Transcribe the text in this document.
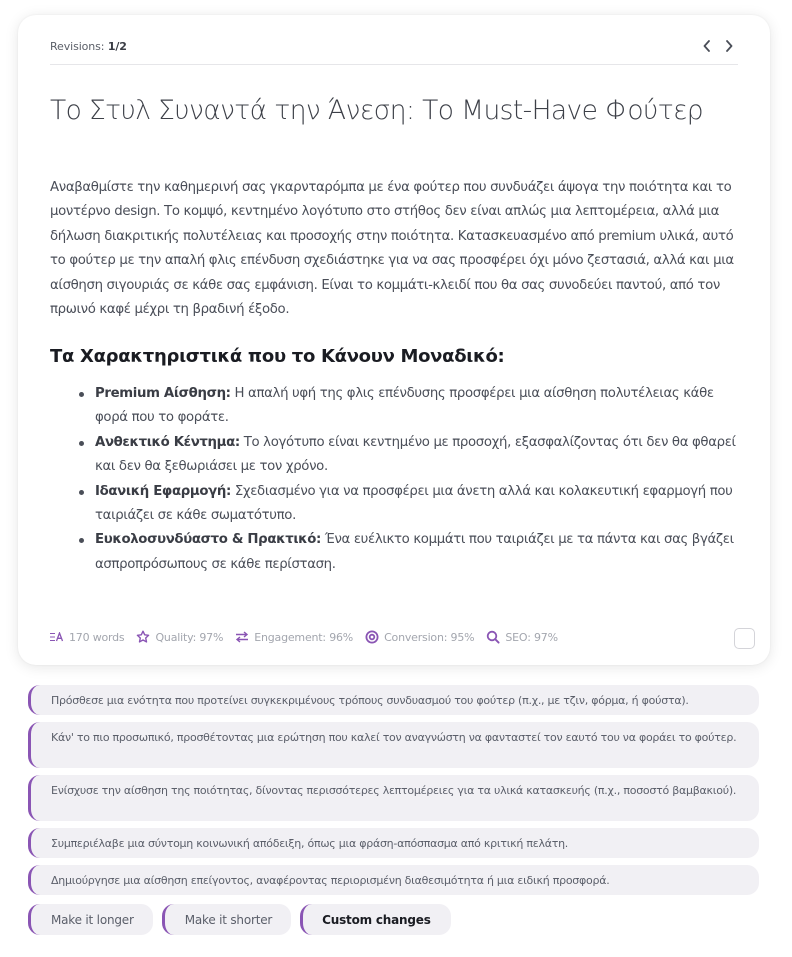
Revisions: 1/2
Το Στυλ Συναντά την Άνεση: Το Must-Have Φούτερ

Αναβαθμίστε την καθημερινή σας γκαρνταρόμπα με ένα φούτερ που συνδυάζει άψογα την ποιότητα και το μοντέρνο design. Το κομψό, κεντημένο λογότυπο στο στήθος δεν είναι απλώς μια λεπτομέρεια, αλλά μια δήλωση διακριτικής πολυτέλειας και προσοχής στην ποιότητα. Κατασκευασμένο από premium υλικά, αυτό το φούτερ με την απαλή φλις επένδυση σχεδιάστηκε για να σας προσφέρει όχι μόνο ζεστασιά, αλλά και μια αίσθηση σιγουριάς σε κάθε σας εμφάνιση. Είναι το κομμάτι-κλειδί που θα σας συνοδεύει παντού, από τον πρωινό καφέ μέχρι τη βραδινή έξοδο.

Τα Χαρακτηριστικά που το Κάνουν Μοναδικό:
Premium Αίσθηση: Η απαλή υφή της φλις επένδυσης προσφέρει μια αίσθηση πολυτέλειας κάθε φορά που το φοράτε.
Ανθεκτικό Κέντημα: Το λογότυπο είναι κεντημένο με προσοχή, εξασφαλίζοντας ότι δεν θα φθαρεί και δεν θα ξεθωριάσει με τον χρόνο.
Ιδανική Εφαρμογή: Σχεδιασμένο για να προσφέρει μια άνετη αλλά και κολακευτική εφαρμογή που ταιριάζει σε κάθε σωματότυπο.
Ευκολοσυνδύαστο & Πρακτικό: Ένα ευέλικτο κομμάτι που ταιριάζει με τα πάντα και σας βγάζει ασπροπρόσωπους σε κάθε περίσταση.
170 words	Quality: 97%	Engagement: 96%	Conversion: 95%	SEO: 97%
Πρόσθεσε μια ενότητα που προτείνει συγκεκριμένους τρόπους συνδυασμού του φούτερ (π.χ., με τζιν, φόρμα, ή φούστα).
Κάν' το πιο προσωπικό, προσθέτοντας μια ερώτηση που καλεί τον αναγνώστη να φανταστεί τον εαυτό του να φοράει το φούτερ.
Ενίσχυσε την αίσθηση της ποιότητας, δίνοντας περισσότερες λεπτομέρειες για τα υλικά κατασκευής (π.χ., ποσοστό βαμβακιού).
Συμπεριέλαβε μια σύντομη κοινωνική απόδειξη, όπως μια φράση-απόσπασμα από κριτική πελάτη.
Δημιούργησε μια αίσθηση επείγοντος, αναφέροντας περιορισμένη διαθεσιμότητα ή μια ειδική προσφορά.
Make it longer	Make it shorter	Custom changes
